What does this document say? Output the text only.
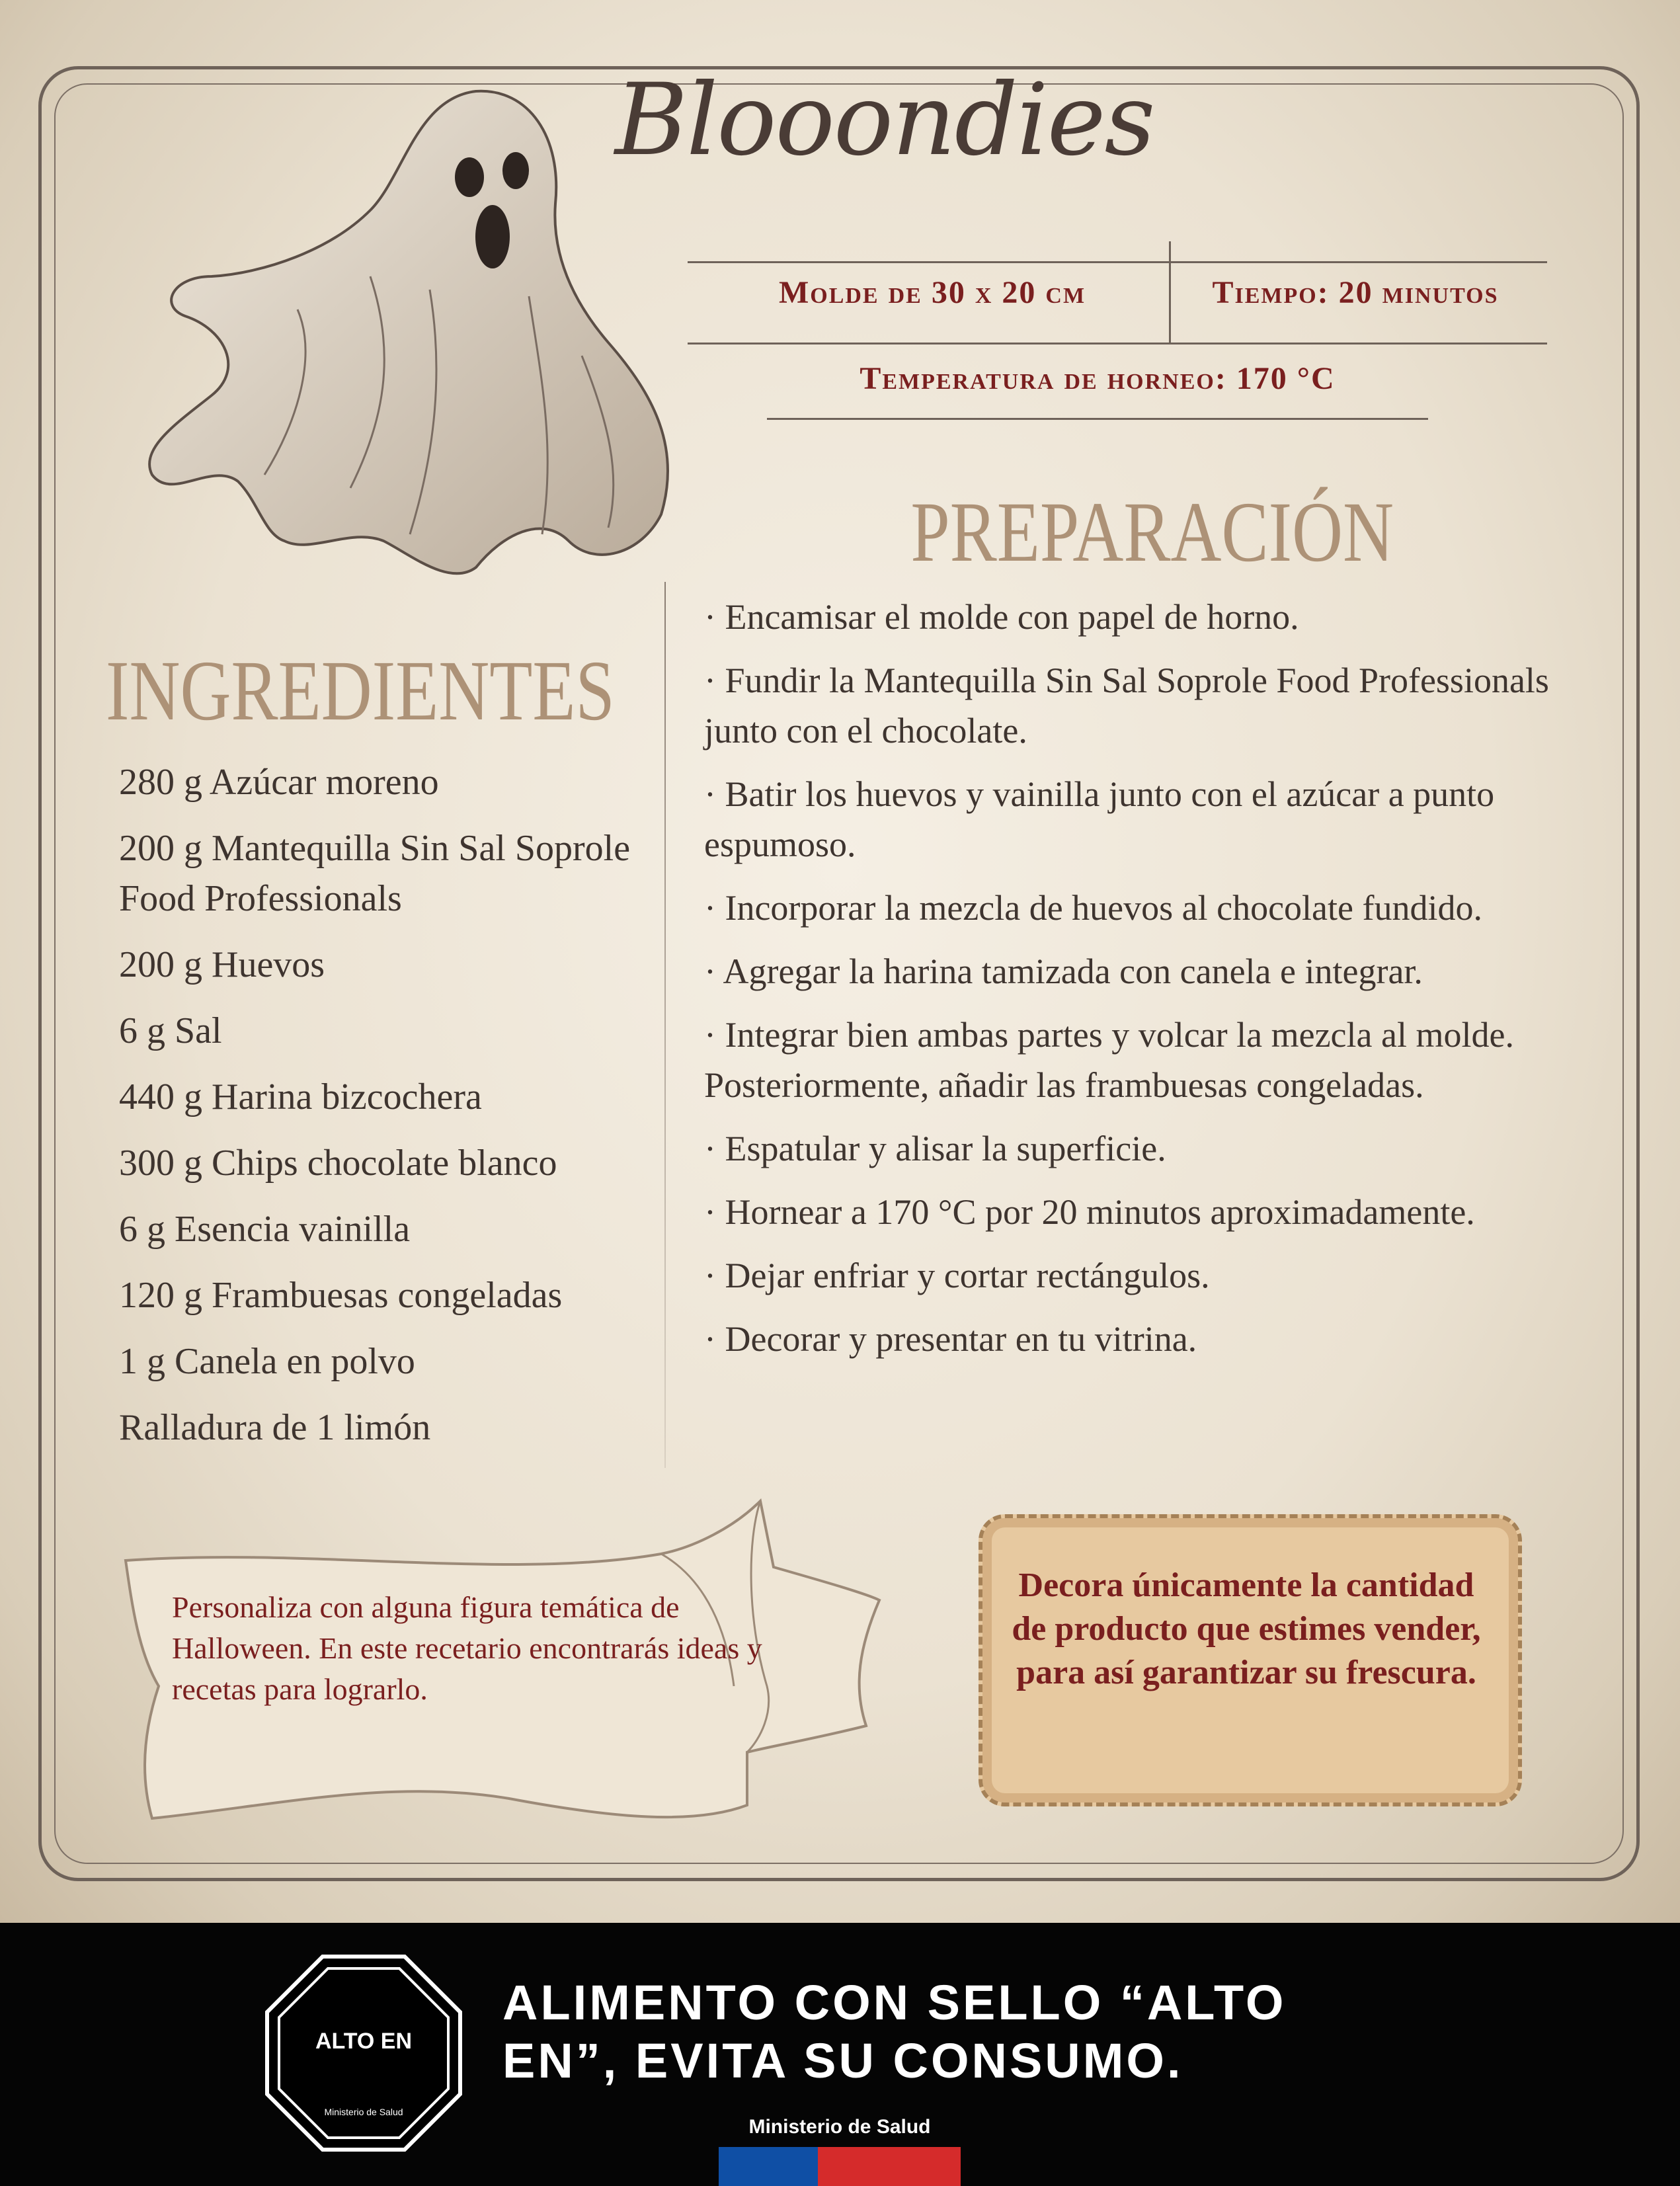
Blooondies
Molde de 30 x 20 cm	Tiempo: 20 minutos
Temperatura de horneo: 170 °C
PREPARACIÓN
INGREDIENTES
280 g Azúcar moreno
200 g Mantequilla Sin Sal Soprole Food Professionals
200 g Huevos
6 g Sal
440 g Harina bizcochera
300 g Chips chocolate blanco
6 g Esencia vainilla
120 g Frambuesas congeladas
1 g Canela en polvo
Ralladura de 1 limón
· Encamisar el molde con papel de horno.
· Fundir la Mantequilla Sin Sal Soprole Food Professionals junto con el chocolate.
· Batir los huevos y vainilla junto con el azúcar a punto espumoso.
· Incorporar la mezcla de huevos al chocolate fundido.
· Agregar la harina tamizada con canela e integrar.
· Integrar bien ambas partes y volcar la mezcla al molde. Posteriormente, añadir las frambuesas congeladas.
· Espatular y alisar la superficie.
· Hornear a 170 °C por 20 minutos aproximadamente.
· Dejar enfriar y cortar rectángulos.
· Decorar y presentar en tu vitrina.
Personaliza con alguna figura temática de Halloween. En este recetario encontrarás ideas y recetas para lograrlo.
Decora únicamente la cantidad de producto que estimes vender, para así garantizar su frescura.
ALTO EN
Ministerio de Salud
ALIMENTO CON SELLO “ALTO EN”, EVITA SU CONSUMO.
Ministerio de Salud
